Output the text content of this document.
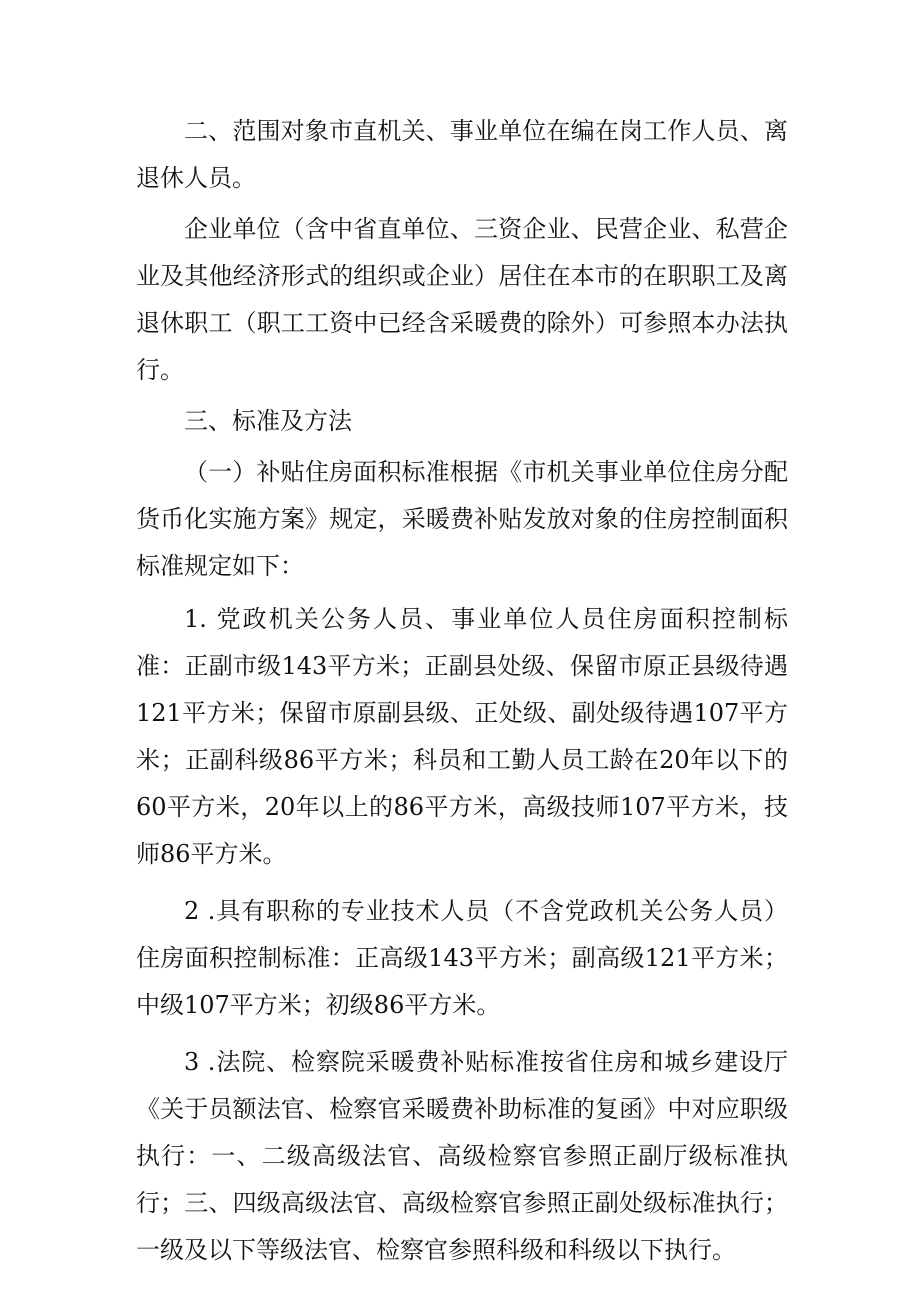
二、范围对象市直机关、事业单位在编在岗工作人员、离退休人员。

企业单位（含中省直单位、三资企业、民营企业、私营企业及其他经济形式的组织或企业）居住在本市的在职职工及离退休职工（职工工资中已经含采暖费的除外）可参照本办法执行。

三、标准及方法

（一）补贴住房面积标准根据《市机关事业单位住房分配货币化实施方案》规定，采暖费补贴发放对象的住房控制面积标准规定如下：

1. 党政机关公务人员、事业单位人员住房面积控制标准：正副市级143平方米；正副县处级、保留市原正县级待遇121平方米；保留市原副县级、正处级、副处级待遇107平方米；正副科级86平方米；科员和工勤人员工龄在20年以下的60平方米，20年以上的86平方米，高级技师107平方米，技师86平方米。

2 .具有职称的专业技术人员（不含党政机关公务人员）住房面积控制标准：正高级143平方米；副高级121平方米；中级107平方米；初级86平方米。

3 .法院、检察院采暖费补贴标准按省住房和城乡建设厅《关于员额法官、检察官采暖费补助标准的复函》中对应职级执行：一、二级高级法官、高级检察官参照正副厅级标准执行；三、四级高级法官、高级检察官参照正副处级标准执行；一级及以下等级法官、检察官参照科级和科级以下执行。
